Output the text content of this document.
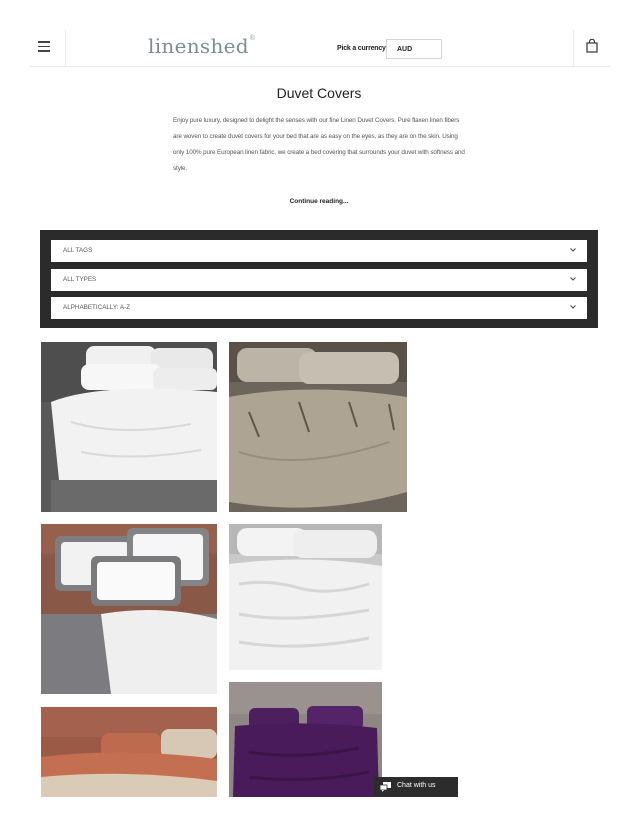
linenshed®
Pick a currency	AUD
Duvet Covers
Enjoy pure luxury, designed to delight the senses with our fine Linen Duvet Covers. Pure flaxen linen fibers are woven to create duvet covers for your bed that are as easy on the eyes, as they are on the skin. Using only 100% pure European linen fabric, we create a bed covering that surrounds your duvet with softness and style.
Continue reading...
ALL TAGS
ALL TYPES
ALPHABETICALLY: A-Z
Chat with us
